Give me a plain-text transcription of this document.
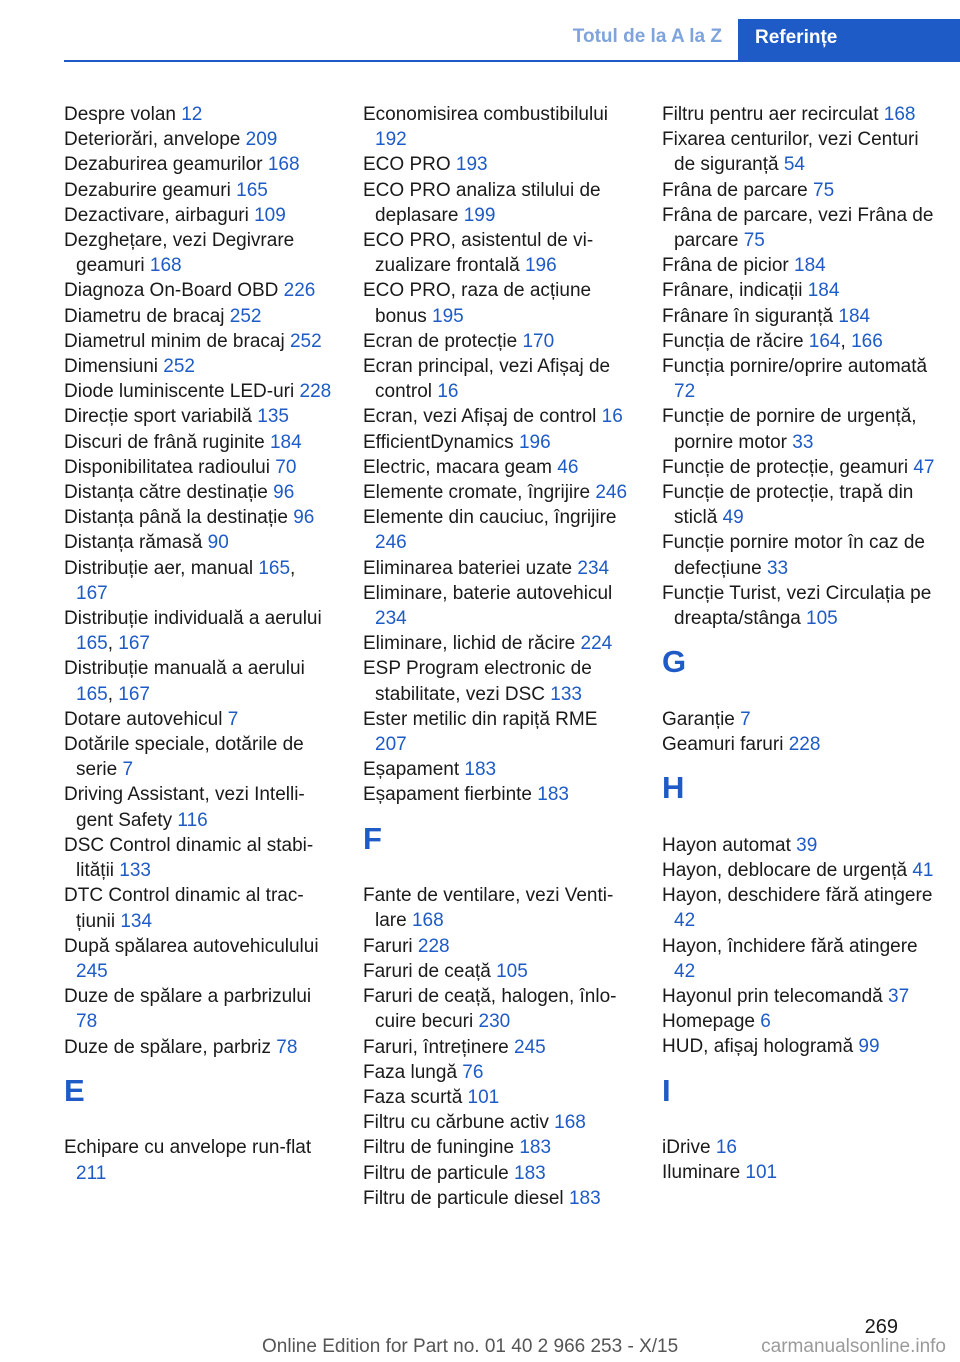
Totul de la A la Z	Referințe
Despre volan 12
Deteriorări, anvelope 209
Dezaburirea geamurilor 168
Dezaburire geamuri 165
Dezactivare, airbaguri 109
Dezghețare, vezi Degivrare geamuri 168
Diagnoza On-Board OBD 226
Diametru de bracaj 252
Diametrul minim de bracaj 252
Dimensiuni 252
Diode luminiscente LED-uri 228
Direcție sport variabilă 135
Discuri de frână ruginite 184
Disponibilitatea radioului 70
Distanța către destinație 96
Distanța până la destinație 96
Distanța rămasă 90
Distribuție aer, manual 165, 167
Distribuție individuală a aerului 165, 167
Distribuție manuală a aerului 165, 167
Dotare autovehicul 7
Dotările speciale, dotările de serie 7
Driving Assistant, vezi Intelligent Safety 116
DSC Control dinamic al stabilității 133
DTC Control dinamic al tracțiunii 134
După spălarea autovehiculului 245
Duze de spălare a parbrizului 78
Duze de spălare, parbriz 78
E
Echipare cu anvelope run-flat 211
Economisirea combustibilului 192
ECO PRO 193
ECO PRO analiza stilului de deplasare 199
ECO PRO, asistentul de vizualizare frontală 196
ECO PRO, raza de acțiune bonus 195
Ecran de protecție 170
Ecran principal, vezi Afișaj de control 16
Ecran, vezi Afișaj de control 16
EfficientDynamics 196
Electric, macara geam 46
Elemente cromate, îngrijire 246
Elemente din cauciuc, îngrijire 246
Eliminarea bateriei uzate 234
Eliminare, baterie autovehicul 234
Eliminare, lichid de răcire 224
ESP Program electronic de stabilitate, vezi DSC 133
Ester metilic din rapiță RME 207
Eșapament 183
Eșapament fierbinte 183
F
Fante de ventilare, vezi Ventilare 168
Faruri 228
Faruri de ceață 105
Faruri de ceață, halogen, înlocuire becuri 230
Faruri, întreținere 245
Faza lungă 76
Faza scurtă 101
Filtru cu cărbune activ 168
Filtru de funingine 183
Filtru de particule 183
Filtru de particule diesel 183
Filtru pentru aer recirculat 168
Fixarea centurilor, vezi Centuri de siguranță 54
Frâna de parcare 75
Frâna de parcare, vezi Frâna de parcare 75
Frâna de picior 184
Frânare, indicații 184
Frânare în siguranță 184
Funcția de răcire 164, 166
Funcția pornire/oprire automată 72
Funcție de pornire de urgență, pornire motor 33
Funcție de protecție, geamuri 47
Funcție de protecție, trapă din sticlă 49
Funcție pornire motor în caz de defecțiune 33
Funcție Turist, vezi Circulația pe dreapta/stânga 105
G
Garanție 7
Geamuri faruri 228
H
Hayon automat 39
Hayon, deblocare de urgență 41
Hayon, deschidere fără atingere 42
Hayon, închidere fără atingere 42
Hayonul prin telecomandă 37
Homepage 6
HUD, afișaj hologramă 99
I
iDrive 16
Iluminare 101
269
Online Edition for Part no. 01 40 2 966 253 - X/15	carmanualsonline.info
